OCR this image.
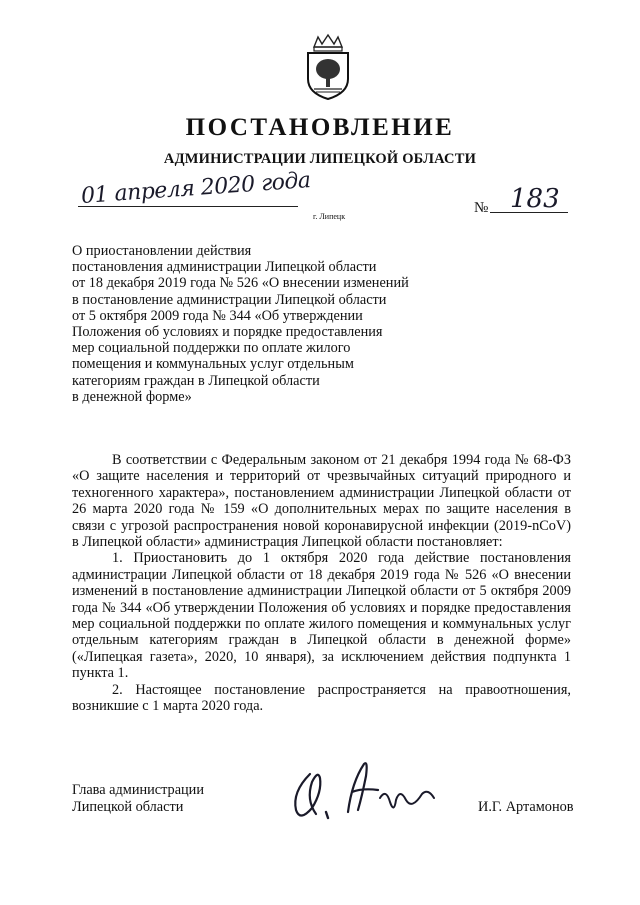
ПОСТАНОВЛЕНИЕ
АДМИНИСТРАЦИИ ЛИПЕЦКОЙ ОБЛАСТИ
01 апреля 2020 года
г. Липецк
№ 183
О приостановлении действия
постановления администрации Липецкой области
от 18 декабря 2019 года № 526 «О внесении изменений
в постановление администрации Липецкой области
от 5 октября 2009 года № 344 «Об утверждении
Положения об условиях и порядке предоставления
мер социальной поддержки по оплате жилого
помещения и коммунальных услуг отдельным
категориям граждан в Липецкой области
в денежной форме»

В соответствии с Федеральным законом от 21 декабря 1994 года № 68-ФЗ «О защите населения и территорий от чрезвычайных ситуаций природного и техногенного характера», постановлением администрации Липецкой области от 26 марта 2020 года № 159 «О дополнительных мерах по защите населения в связи с угрозой распространения новой коронавирусной инфекции (2019-nCoV) в Липецкой области» администрация Липецкой области постановляет:

1. Приостановить до 1 октября 2020 года действие постановления администрации Липецкой области от 18 декабря 2019 года № 526 «О внесении изменений в постановление администрации Липецкой области от 5 октября 2009 года № 344 «Об утверждении Положения об условиях и порядке предоставления мер социальной поддержки по оплате жилого помещения и коммунальных услуг отдельным категориям граждан в Липецкой области в денежной форме» («Липецкая газета», 2020, 10 января), за исключением действия подпункта 1 пункта 1.

2. Настоящее постановление распространяется на правоотношения, возникшие с 1 марта 2020 года.

Глава администрации
Липецкой области	И.Г. Артамонов
